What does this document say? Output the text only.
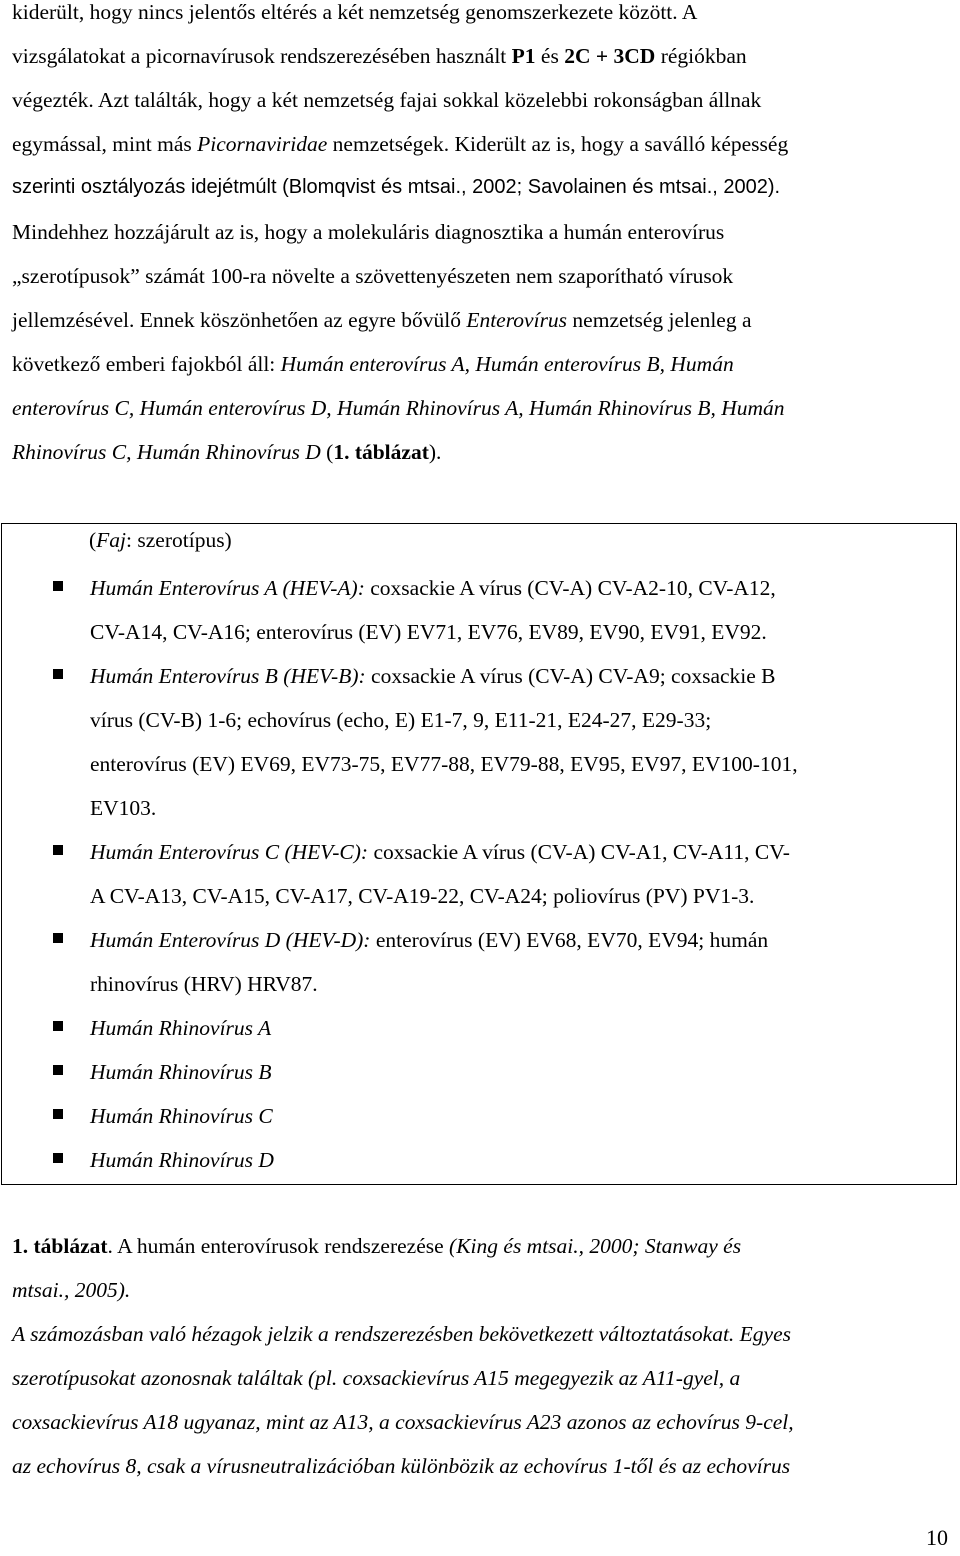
kiderült, hogy nincs jelentős eltérés a két nemzetség genomszerkezete között. A

vizsgálatokat a picornavírusok rendszerezésében használt P1 és 2C + 3CD régiókban

végezték. Azt találták, hogy a két nemzetség fajai sokkal közelebbi rokonságban állnak

egymással, mint más Picornaviridae nemzetségek. Kiderült az is, hogy a saválló képesség

szerinti osztályozás idejétmúlt (Blomqvist és mtsai., 2002; Savolainen és mtsai., 2002).

Mindehhez hozzájárult az is, hogy a molekuláris diagnosztika a humán enterovírus

„szerotípusok” számát 100-ra növelte a szövettenyészeten nem szaporítható vírusok

jellemzésével. Ennek köszönhetően az egyre bővülő Enterovírus nemzetség jelenleg a

következő emberi fajokból áll: Humán enterovírus A, Humán enterovírus B, Humán

enterovírus C, Humán enterovírus D, Humán Rhinovírus A, Humán Rhinovírus B, Humán

Rhinovírus C, Humán Rhinovírus D (1. táblázat).

(Faj: szerotípus)
Humán Enterovírus A (HEV-A): coxsackie A vírus (CV-A) CV-A2-10, CV-A12,
CV-A14, CV-A16; enterovírus (EV) EV71, EV76, EV89, EV90, EV91, EV92.
Humán Enterovírus B (HEV-B): coxsackie A vírus (CV-A) CV-A9; coxsackie B
vírus (CV-B) 1-6; echovírus (echo, E) E1-7, 9, E11-21, E24-27, E29-33;
enterovírus (EV) EV69, EV73-75, EV77-88, EV79-88, EV95, EV97, EV100-101,
EV103.
Humán Enterovírus C (HEV-C): coxsackie A vírus (CV-A) CV-A1, CV-A11, CV-
A CV-A13, CV-A15, CV-A17, CV-A19-22, CV-A24; poliovírus (PV) PV1-3.
Humán Enterovírus D (HEV-D): enterovírus (EV) EV68, EV70, EV94; humán
rhinovírus (HRV) HRV87.
Humán Rhinovírus A
Humán Rhinovírus B
Humán Rhinovírus C
Humán Rhinovírus D

1. táblázat. A humán enterovírusok rendszerezése (King és mtsai., 2000; Stanway és

mtsai., 2005).

A számozásban való hézagok jelzik a rendszerezésben bekövetkezett változtatásokat. Egyes

szerotípusokat azonosnak találtak (pl. coxsackievírus A15 megegyezik az A11-gyel, a

coxsackievírus A18 ugyanaz, mint az A13, a coxsackievírus A23 azonos az echovírus 9-cel,

az echovírus 8, csak a vírusneutralizációban különbözik az echovírus 1-től és az echovírus

10
